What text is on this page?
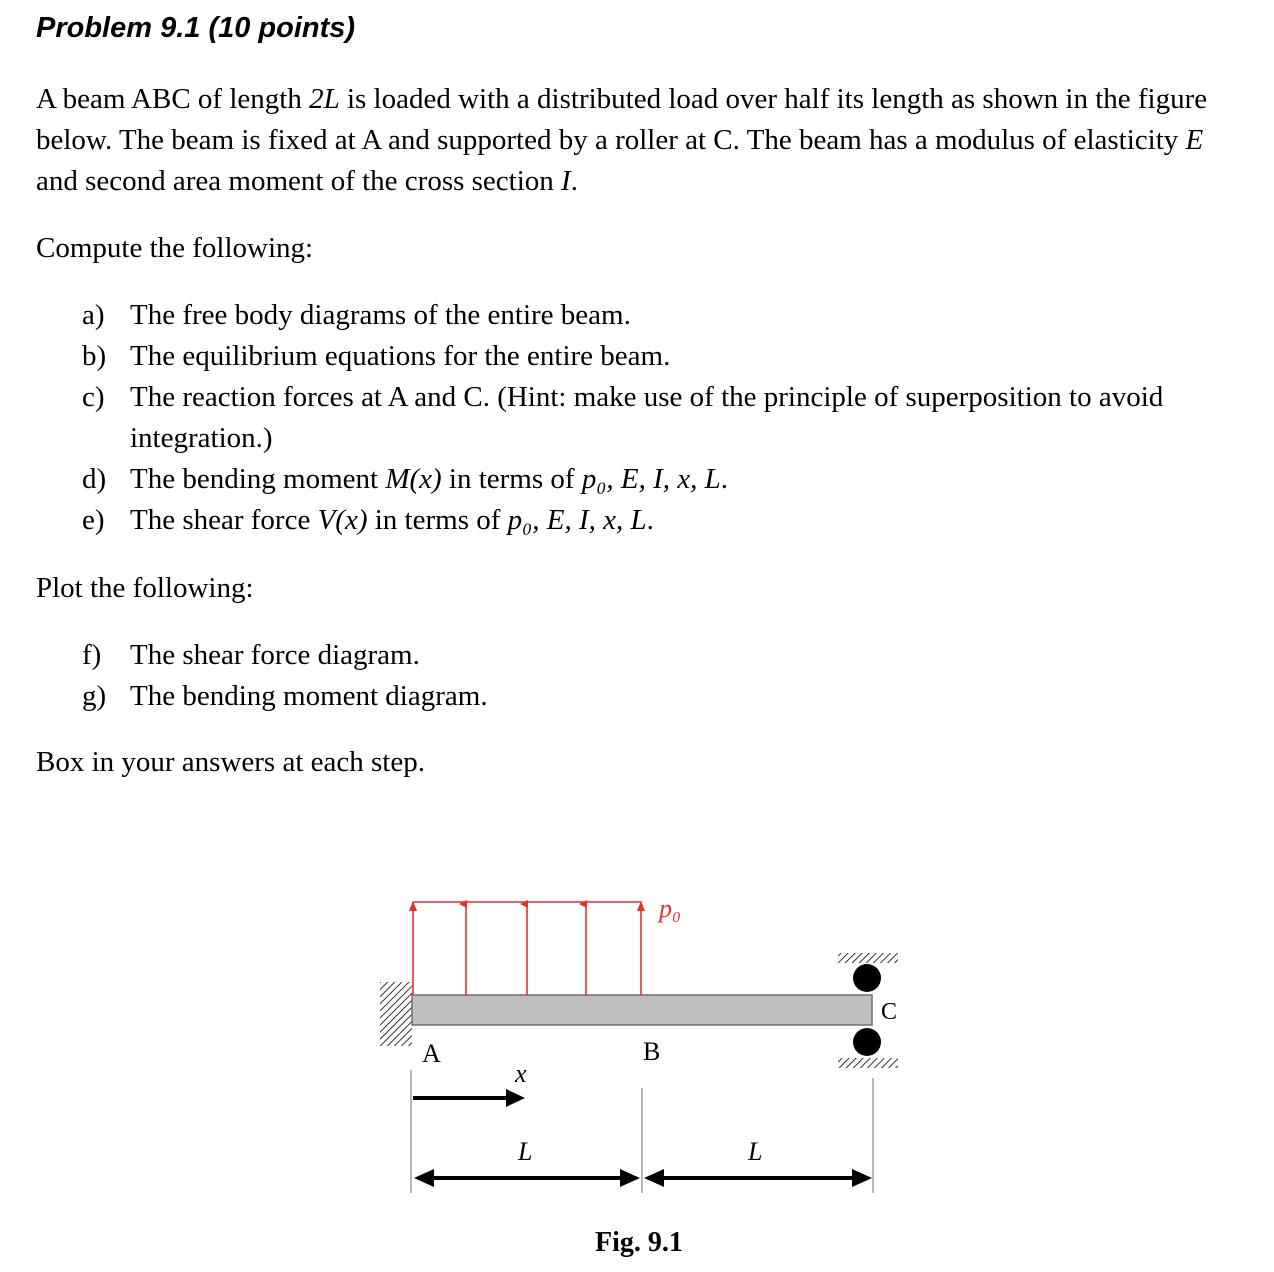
Problem 9.1 (10 points)

A beam ABC of length 2L is loaded with a distributed load over half its length as shown in the figure below. The beam is fixed at A and supported by a roller at C. The beam has a modulus of elasticity E and second area moment of the cross section I.

Compute the following:

a) The free body diagrams of the entire beam.
b) The equilibrium equations for the entire beam.
c) The reaction forces at A and C. (Hint: make use of the principle of superposition to avoid integration.)
d) The bending moment M(x) in terms of p₀, E, I, x, L.
e) The shear force V(x) in terms of p₀, E, I, x, L.

Plot the following:

f) The shear force diagram.
g) The bending moment diagram.

Box in your answers at each step.

p₀
A	B
C
x
L	L
Fig. 9.1
